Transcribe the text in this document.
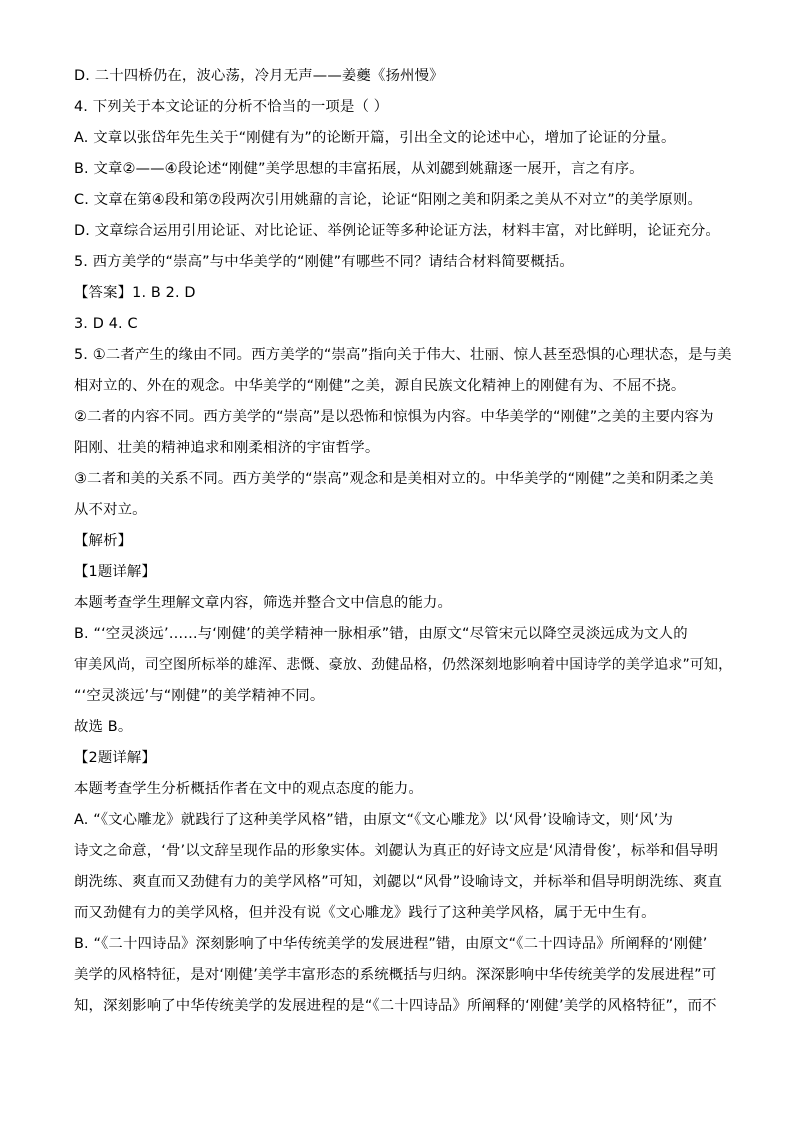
D. 二十四桥仍在，波心荡，冷月无声——姜夔《扬州慢》
4. 下列关于本文论证的分析不恰当的一项是（ ）
A. 文章以张岱年先生关于“刚健有为”的论断开篇，引出全文的论述中心，增加了论证的分量。
B. 文章②——④段论述“刚健”美学思想的丰富拓展，从刘勰到姚鼐逐一展开，言之有序。
C. 文章在第④段和第⑦段两次引用姚鼐的言论，论证“阳刚之美和阴柔之美从不对立”的美学原则。
D. 文章综合运用引用论证、对比论证、举例论证等多种论证方法，材料丰富，对比鲜明，论证充分。
5. 西方美学的“崇高”与中华美学的“刚健”有哪些不同？请结合材料简要概括。
【答案】1. B 2. D
3. D 4. C
5. ①二者产生的缘由不同。西方美学的“崇高”指向关于伟大、壮丽、惊人甚至恐惧的心理状态，是与美
相对立的、外在的观念。中华美学的“刚健”之美，源自民族文化精神上的刚健有为、不屈不挠。
②二者的内容不同。西方美学的“崇高”是以恐怖和惊惧为内容。中华美学的“刚健”之美的主要内容为
阳刚、壮美的精神追求和刚柔相济的宇宙哲学。
③二者和美的关系不同。西方美学的“崇高”观念和是美相对立的。中华美学的“刚健”之美和阴柔之美
从不对立。
【解析】
【1题详解】
本题考查学生理解文章内容，筛选并整合文中信息的能力。
B. “‘空灵淡远’……与‘刚健’的美学精神一脉相承”错，由原文“尽管宋元以降空灵淡远成为文人的
审美风尚，司空图所标举的雄浑、悲慨、豪放、劲健品格，仍然深刻地影响着中国诗学的美学追求”可知，
“‘空灵淡远’与“刚健”的美学精神不同。
故选 B。
【2题详解】
本题考查学生分析概括作者在文中的观点态度的能力。
A. “《文心雕龙》就践行了这种美学风格”错，由原文“《文心雕龙》以‘风骨’设喻诗文，则‘风’为
诗文之命意，‘骨’以文辞呈现作品的形象实体。刘勰认为真正的好诗文应是‘风清骨俊’，标举和倡导明
朗洗练、爽直而又劲健有力的美学风格”可知，刘勰以“风骨”设喻诗文，并标举和倡导明朗洗练、爽直
而又劲健有力的美学风格，但并没有说《文心雕龙》践行了这种美学风格，属于无中生有。
B. “《二十四诗品》深刻影响了中华传统美学的发展进程”错，由原文“《二十四诗品》所阐释的‘刚健’
美学的风格特征，是对‘刚健’美学丰富形态的系统概括与归纳。深深影响中华传统美学的发展进程”可
知，深刻影响了中华传统美学的发展进程的是“《二十四诗品》所阐释的‘刚健’美学的风格特征”，而不
